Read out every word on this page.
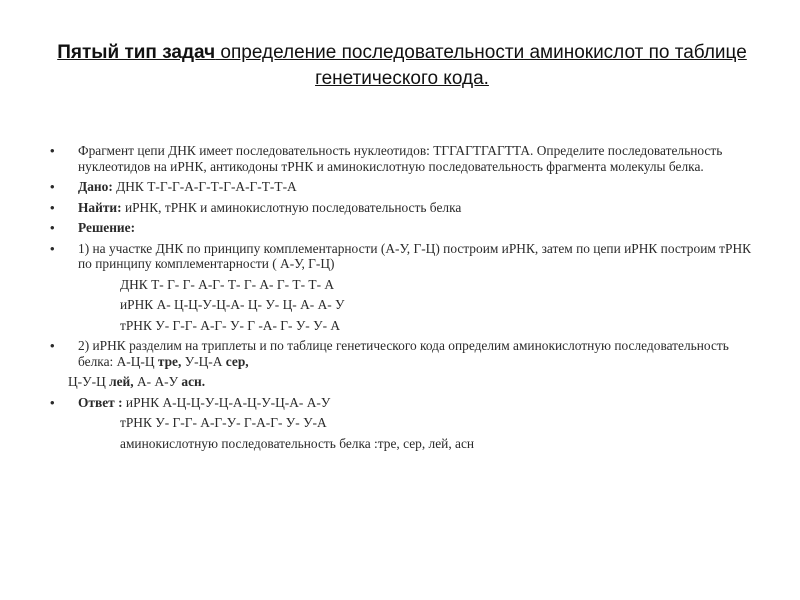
Пятый тип задач определение последовательности аминокислот по таблице генетического кода.
• Фрагмент цепи ДНК имеет последовательность нуклеотидов: ТГГАГТГАГТТА. Определите последовательность нуклеотидов на иРНК, антикодоны тРНК и аминокислотную последовательность фрагмента молекулы белка.
• Дано: ДНК Т-Г-Г-А-Г-Т-Г-А-Г-Т-Т-А
• Найти: иРНК, тРНК и аминокислотную последовательность белка
• Решение:
• 1) на участке ДНК по принципу комплементарности (А-У, Г-Ц) построим иРНК, затем по цепи иРНК построим тРНК по принципу комплементарности ( А-У, Г-Ц)
ДНК Т- Г- Г- А-Г- Т- Г- А- Г- Т- Т- А
иРНК А- Ц-Ц-У-Ц-А- Ц- У- Ц- А- А- У
тРНК У- Г-Г- А-Г- У- Г -А- Г- У- У- А
• 2) иРНК разделим на триплеты и по таблице генетического кода определим аминокислотную последовательность белка: А-Ц-Ц тре, У-Ц-А сер,
Ц-У-Ц лей, А- А-У асн.
• Ответ : иРНК А-Ц-Ц-У-Ц-А-Ц-У-Ц-А- А-У
тРНК У- Г-Г- А-Г-У- Г-А-Г- У- У-А
аминокислотную последовательность белка :тре, сер, лей, асн
